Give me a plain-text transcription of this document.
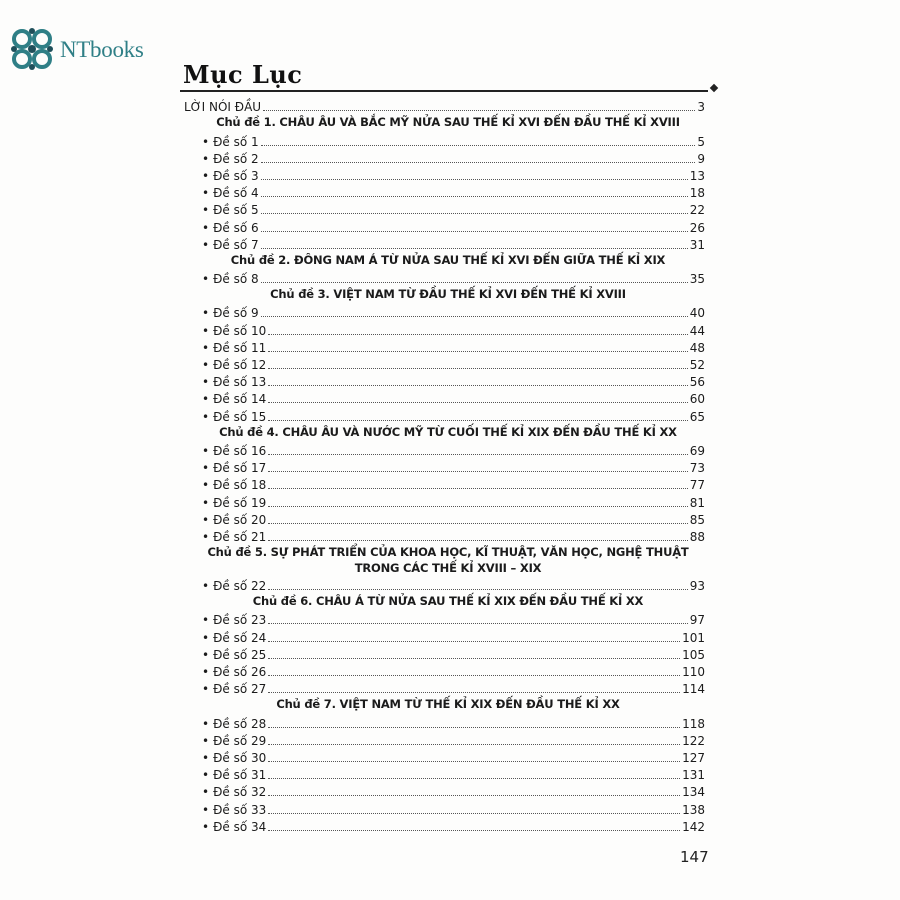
NTbooks
Mục Lục
LỜI NÓI ĐẦU	3
Chủ đề 1. CHÂU ÂU VÀ BẮC MỸ NỬA SAU THẾ KỈ XVI ĐẾN ĐẦU THẾ KỈ XVIII
• Đề số 1	5
• Đề số 2	9
• Đề số 3	13
• Đề số 4	18
• Đề số 5	22
• Đề số 6	26
• Đề số 7	31
Chủ đề 2. ĐÔNG NAM Á TỪ NỬA SAU THẾ KỈ XVI ĐẾN GIỮA THẾ KỈ XIX
• Đề số 8	35
Chủ đề 3. VIỆT NAM TỪ ĐẦU THẾ KỈ XVI ĐẾN THẾ KỈ XVIII
• Đề số 9	40
• Đề số 10	44
• Đề số 11	48
• Đề số 12	52
• Đề số 13	56
• Đề số 14	60
• Đề số 15	65
Chủ đề 4. CHÂU ÂU VÀ NƯỚC MỸ TỪ CUỐI THẾ KỈ XIX ĐẾN ĐẦU THẾ KỈ XX
• Đề số 16	69
• Đề số 17	73
• Đề số 18	77
• Đề số 19	81
• Đề số 20	85
• Đề số 21	88
Chủ đề 5. SỰ PHÁT TRIỂN CỦA KHOA HỌC, KĨ THUẬT, VĂN HỌC, NGHỆ THUẬT
TRONG CÁC THẾ KỈ XVIII – XIX
• Đề số 22	93
Chủ đề 6. CHÂU Á TỪ NỬA SAU THẾ KỈ XIX ĐẾN ĐẦU THẾ KỈ XX
• Đề số 23	97
• Đề số 24	101
• Đề số 25	105
• Đề số 26	110
• Đề số 27	114
Chủ đề 7. VIỆT NAM TỪ THẾ KỈ XIX ĐẾN ĐẦU THẾ KỈ XX
• Đề số 28	118
• Đề số 29	122
• Đề số 30	127
• Đề số 31	131
• Đề số 32	134
• Đề số 33	138
• Đề số 34	142
147
